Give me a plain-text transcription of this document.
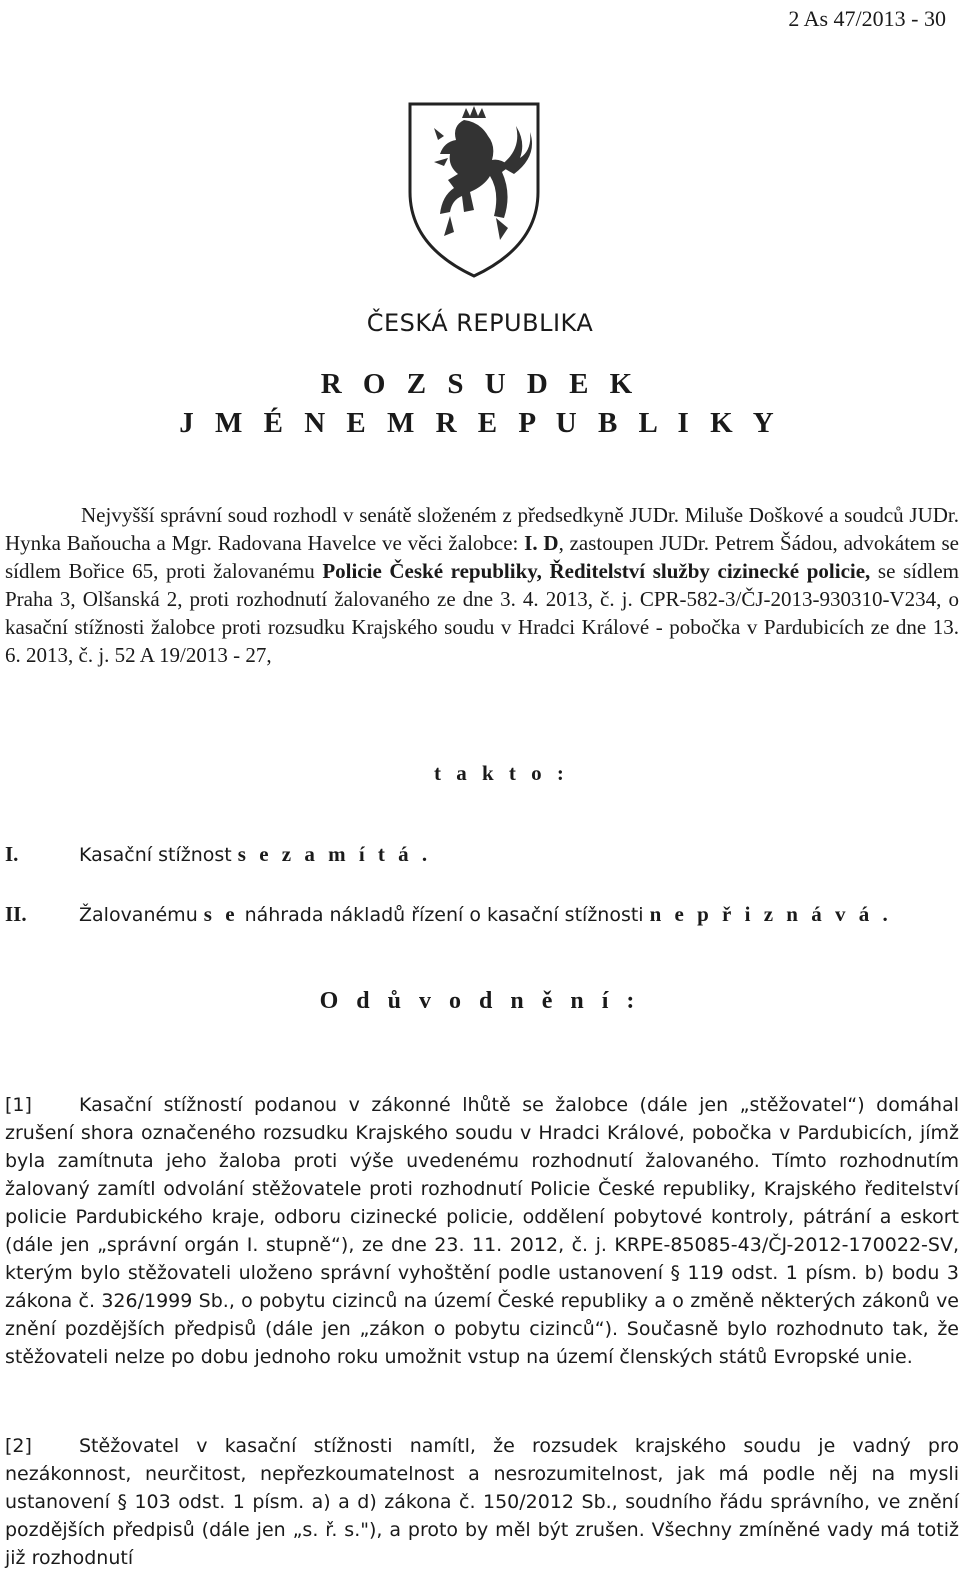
2 As 47/2013 - 30
ČESKÁ REPUBLIKA
R O Z S U D E K
J M É N E M R E P U B L I K Y
Nejvyšší správní soud rozhodl v senátě složeném z předsedkyně JUDr. Miluše Doškové a soudců JUDr. Hynka Baňoucha a Mgr. Radovana Havelce ve věci žalobce: I. D, zastoupen JUDr. Petrem Šádou, advokátem se sídlem Bořice 65, proti žalovanému Policie České republiky, Ředitelství služby cizinecké policie, se sídlem Praha 3, Olšanská 2, proti rozhodnutí žalovaného ze dne 3. 4. 2013, č. j. CPR-582-3/ČJ-2013-930310-V234, o kasační stížnosti žalobce proti rozsudku Krajského soudu v Hradci Králové - pobočka v Pardubicích ze dne 13. 6. 2013, č. j. 52 A 19/2013 - 27,
t a k t o :
I.	Kasační stížnost s e z a m í t á .
II.	Žalovanému s e náhrada nákladů řízení o kasační stížnosti n e p ř i z n á v á .
O d ů v o d n ě n í :
[1] Kasační stížností podanou v zákonné lhůtě se žalobce (dále jen „stěžovatel“) domáhal zrušení shora označeného rozsudku Krajského soudu v Hradci Králové, pobočka v Pardubicích, jímž byla zamítnuta jeho žaloba proti výše uvedenému rozhodnutí žalovaného. Tímto rozhodnutím žalovaný zamítl odvolání stěžovatele proti rozhodnutí Policie České republiky, Krajského ředitelství policie Pardubického kraje, odboru cizinecké policie, oddělení pobytové kontroly, pátrání a eskort (dále jen „správní orgán I. stupně“), ze dne 23. 11. 2012, č. j. KRPE-85085-43/ČJ-2012-170022-SV, kterým bylo stěžovateli uloženo správní vyhoštění podle ustanovení § 119 odst. 1 písm. b) bodu 3 zákona č. 326/1999 Sb., o pobytu cizinců na území České republiky a o změně některých zákonů ve znění pozdějších předpisů (dále jen „zákon o pobytu cizinců“). Současně bylo rozhodnuto tak, že stěžovateli nelze po dobu jednoho roku umožnit vstup na území členských států Evropské unie.
[2] Stěžovatel v kasační stížnosti namítl, že rozsudek krajského soudu je vadný pro nezákonnost, neurčitost, nepřezkoumatelnost a nesrozumitelnost, jak má podle něj na mysli ustanovení § 103 odst. 1 písm. a) a d) zákona č. 150/2012 Sb., soudního řádu správního, ve znění pozdějších předpisů (dále jen „s. ř. s."), a proto by měl být zrušen. Všechny zmíněné vady má totiž již rozhodnutí
